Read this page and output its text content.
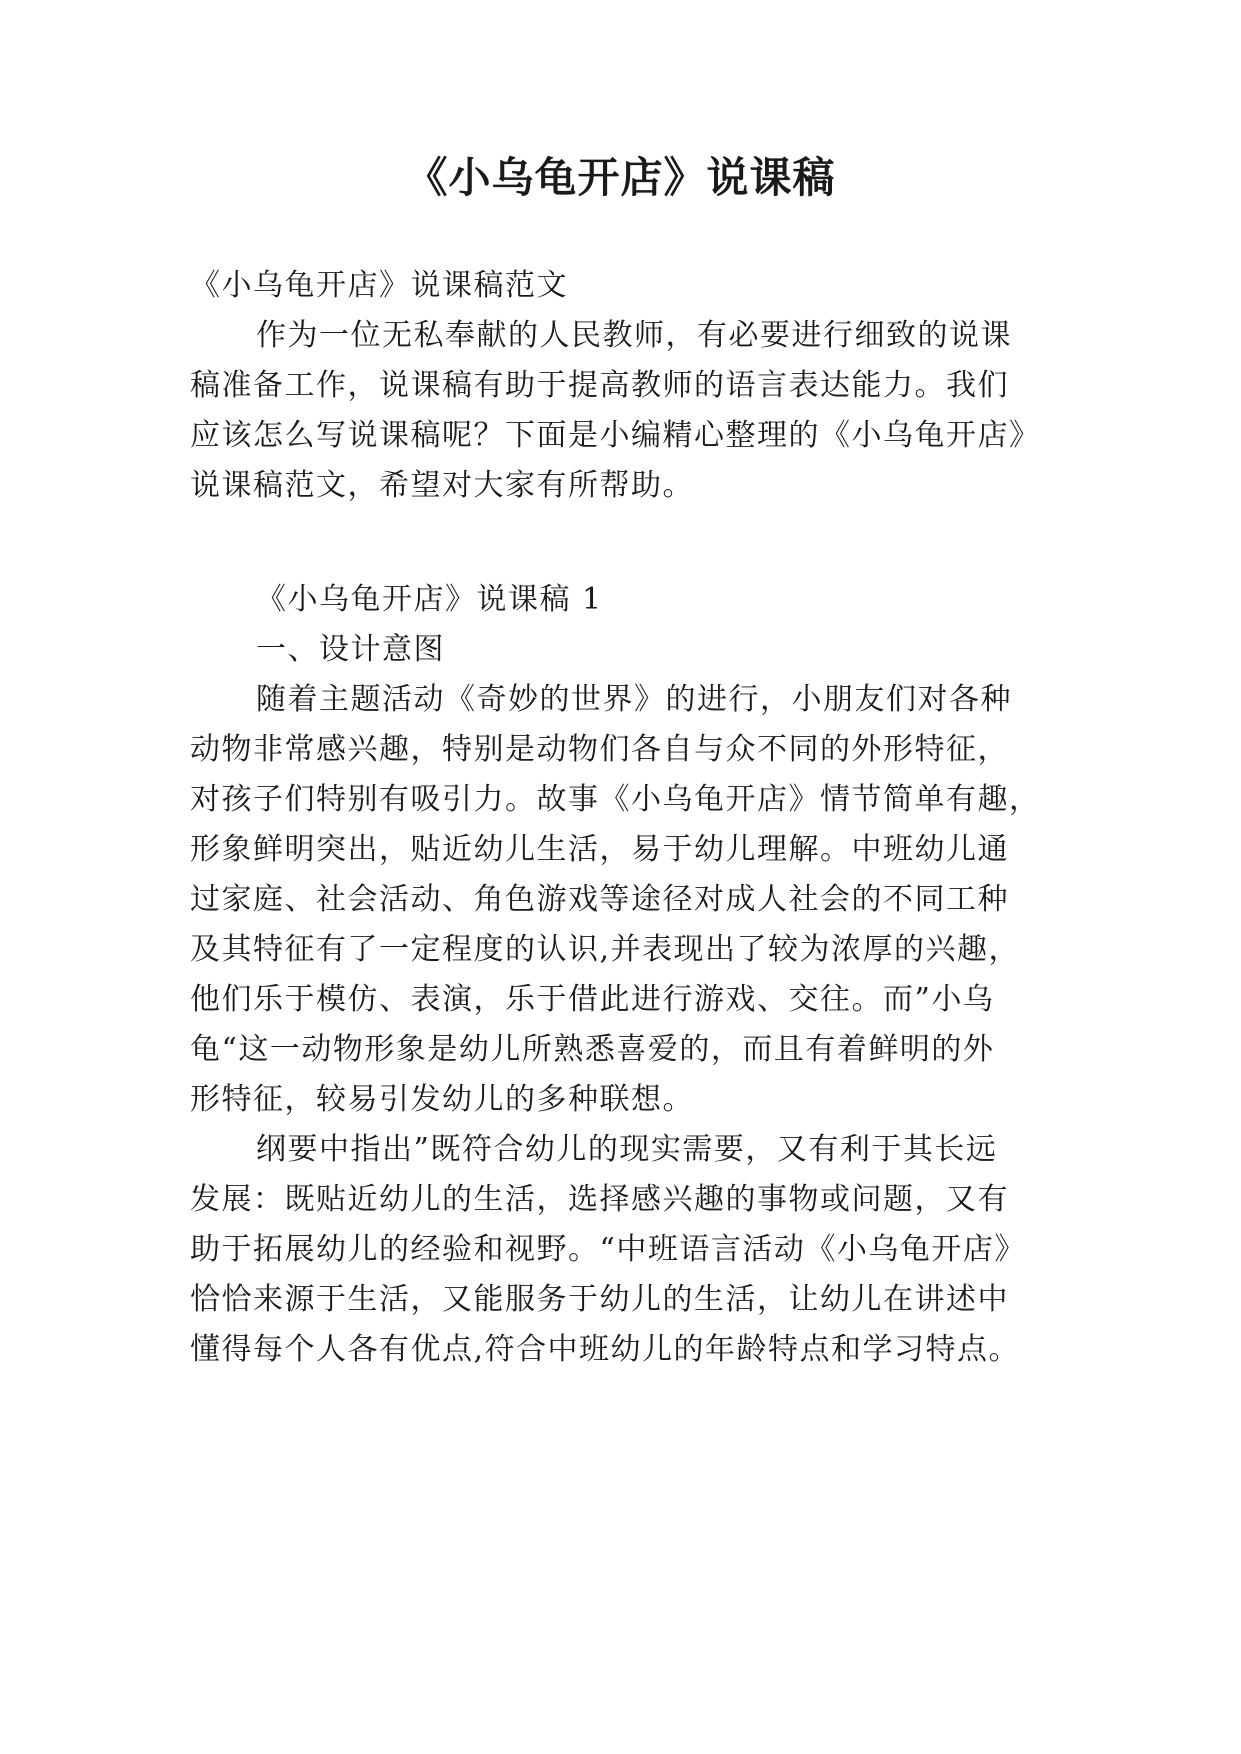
《小乌龟开店》说课稿
《小乌龟开店》说课稿范文
作为一位无私奉献的人民教师，有必要进行细致的说课
稿准备工作，说课稿有助于提高教师的语言表达能力。我们
应该怎么写说课稿呢？下面是小编精心整理的《小乌龟开店》
说课稿范文，希望对大家有所帮助。
《小乌龟开店》说课稿 1
一、设计意图
随着主题活动《奇妙的世界》的进行，小朋友们对各种
动物非常感兴趣，特别是动物们各自与众不同的外形特征，
对孩子们特别有吸引力。故事《小乌龟开店》情节简单有趣，
形象鲜明突出，贴近幼儿生活，易于幼儿理解。中班幼儿通
过家庭、社会活动、角色游戏等途径对成人社会的不同工种
及其特征有了一定程度的认识,并表现出了较为浓厚的兴趣，
他们乐于模仿、表演，乐于借此进行游戏、交往。而”小乌
龟“这一动物形象是幼儿所熟悉喜爱的，而且有着鲜明的外
形特征，较易引发幼儿的多种联想。
纲要中指出”既符合幼儿的现实需要，又有利于其长远
发展：既贴近幼儿的生活，选择感兴趣的事物或问题，又有
助于拓展幼儿的经验和视野。“中班语言活动《小乌龟开店》
恰恰来源于生活，又能服务于幼儿的生活，让幼儿在讲述中
懂得每个人各有优点,符合中班幼儿的年龄特点和学习特点。
